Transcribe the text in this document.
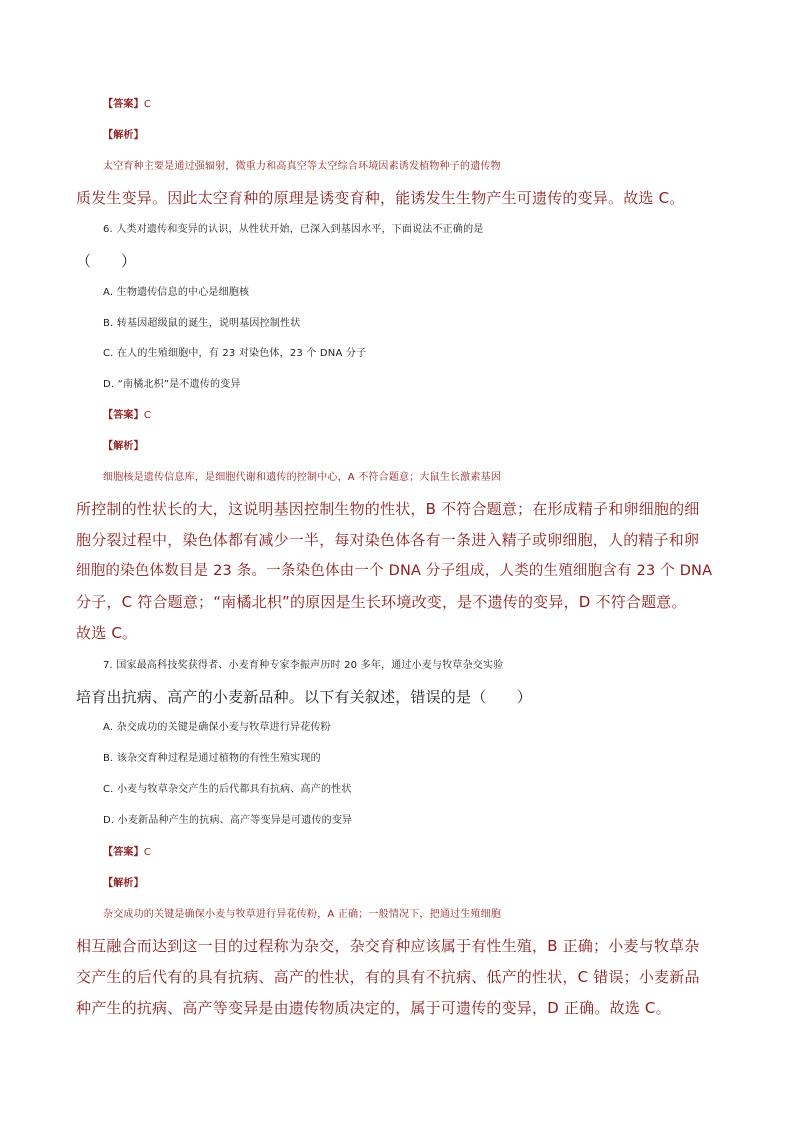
【答案】C
【解析】
太空育种主要是通过强辐射，微重力和高真空等太空综合环境因素诱发植物种子的遗传物
质发生变异。因此太空育种的原理是诱变育种，能诱发生生物产生可遗传的变异。故选 C。
6. 人类对遗传和变异的认识，从性状开始，已深入到基因水平，下面说法不正确的是
（　　）
A. 生物遗传信息的中心是细胞核
B. 转基因超级鼠的诞生，说明基因控制性状
C. 在人的生殖细胞中，有 23 对染色体，23 个 DNA 分子
D. “南橘北枳”是不遗传的变异
【答案】C
【解析】
细胞核是遗传信息库，是细胞代谢和遗传的控制中心，A 不符合题意；大鼠生长激素基因
所控制的性状长的大，这说明基因控制生物的性状，B 不符合题意；在形成精子和卵细胞的细
胞分裂过程中，染色体都有减少一半，每对染色体各有一条进入精子或卵细胞，人的精子和卵
细胞的染色体数目是 23 条。一条染色体由一个 DNA 分子组成，人类的生殖细胞含有 23 个 DNA
分子，C 符合题意；“南橘北枳”的原因是生长环境改变，是不遗传的变异，D 不符合题意。
故选 C。
7. 国家最高科技奖获得者、小麦育种专家李振声历时 20 多年，通过小麦与牧草杂交实验
培育出抗病、高产的小麦新品种。以下有关叙述，错误的是（　　）
A. 杂交成功的关键是确保小麦与牧草进行异花传粉
B. 该杂交育种过程是通过植物的有性生殖实现的
C. 小麦与牧草杂交产生的后代都具有抗病、高产的性状
D. 小麦新品种产生的抗病、高产等变异是可遗传的变异
【答案】C
【解析】
杂交成功的关键是确保小麦与牧草进行异花传粉，A 正确；一般情况下，把通过生殖细胞
相互融合而达到这一目的过程称为杂交，杂交育种应该属于有性生殖，B 正确；小麦与牧草杂
交产生的后代有的具有抗病、高产的性状，有的具有不抗病、低产的性状，C 错误；小麦新品
种产生的抗病、高产等变异是由遗传物质决定的，属于可遗传的变异，D 正确。故选 C。
